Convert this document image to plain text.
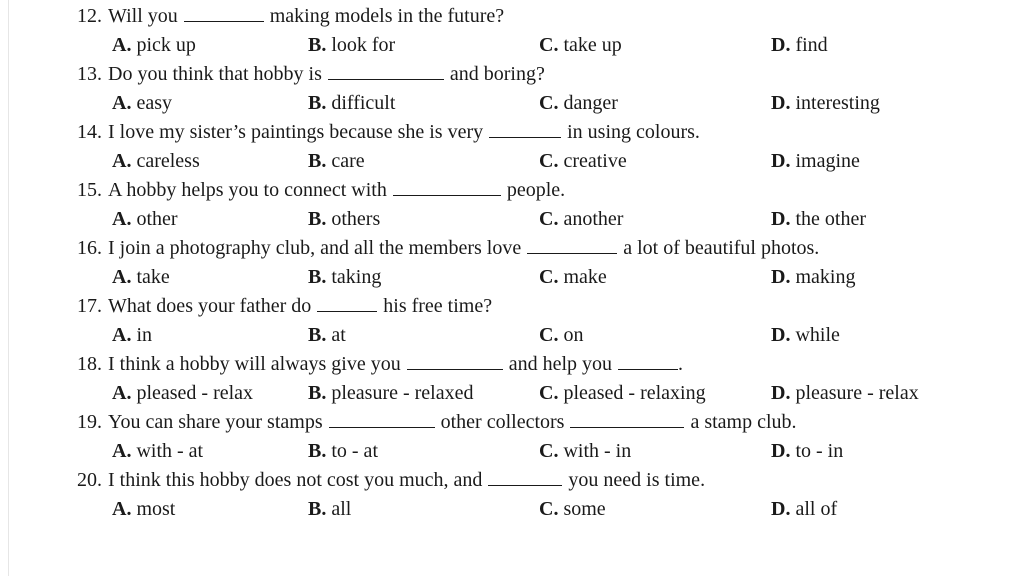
12. Will you	making models in the future?
A. pick up	B. look for	C. take up	D. find
13. Do you think that hobby is	and boring?
A. easy	B. difficult	C. danger	D. interesting
14. I love my sister’s paintings because she is very	in using colours.
A. careless	B. care	C. creative	D. imagine
15. A hobby helps you to connect with	people.
A. other	B. others	C. another	D. the other
16. I join a photography club, and all the members love	a lot of beautiful photos.
A. take	B. taking	C. make	D. making
17. What does your father do	his free time?
A. in	B. at	C. on	D. while
18. I think a hobby will always give you	and help you	.
A. pleased - relax	B. pleasure - relaxed	C. pleased - relaxing	D. pleasure - relax
19. You can share your stamps	other collectors	a stamp club.
A. with - at	B. to - at	C. with - in	D. to - in
20. I think this hobby does not cost you much, and	you need is time.
A. most	B. all	C. some	D. all of
